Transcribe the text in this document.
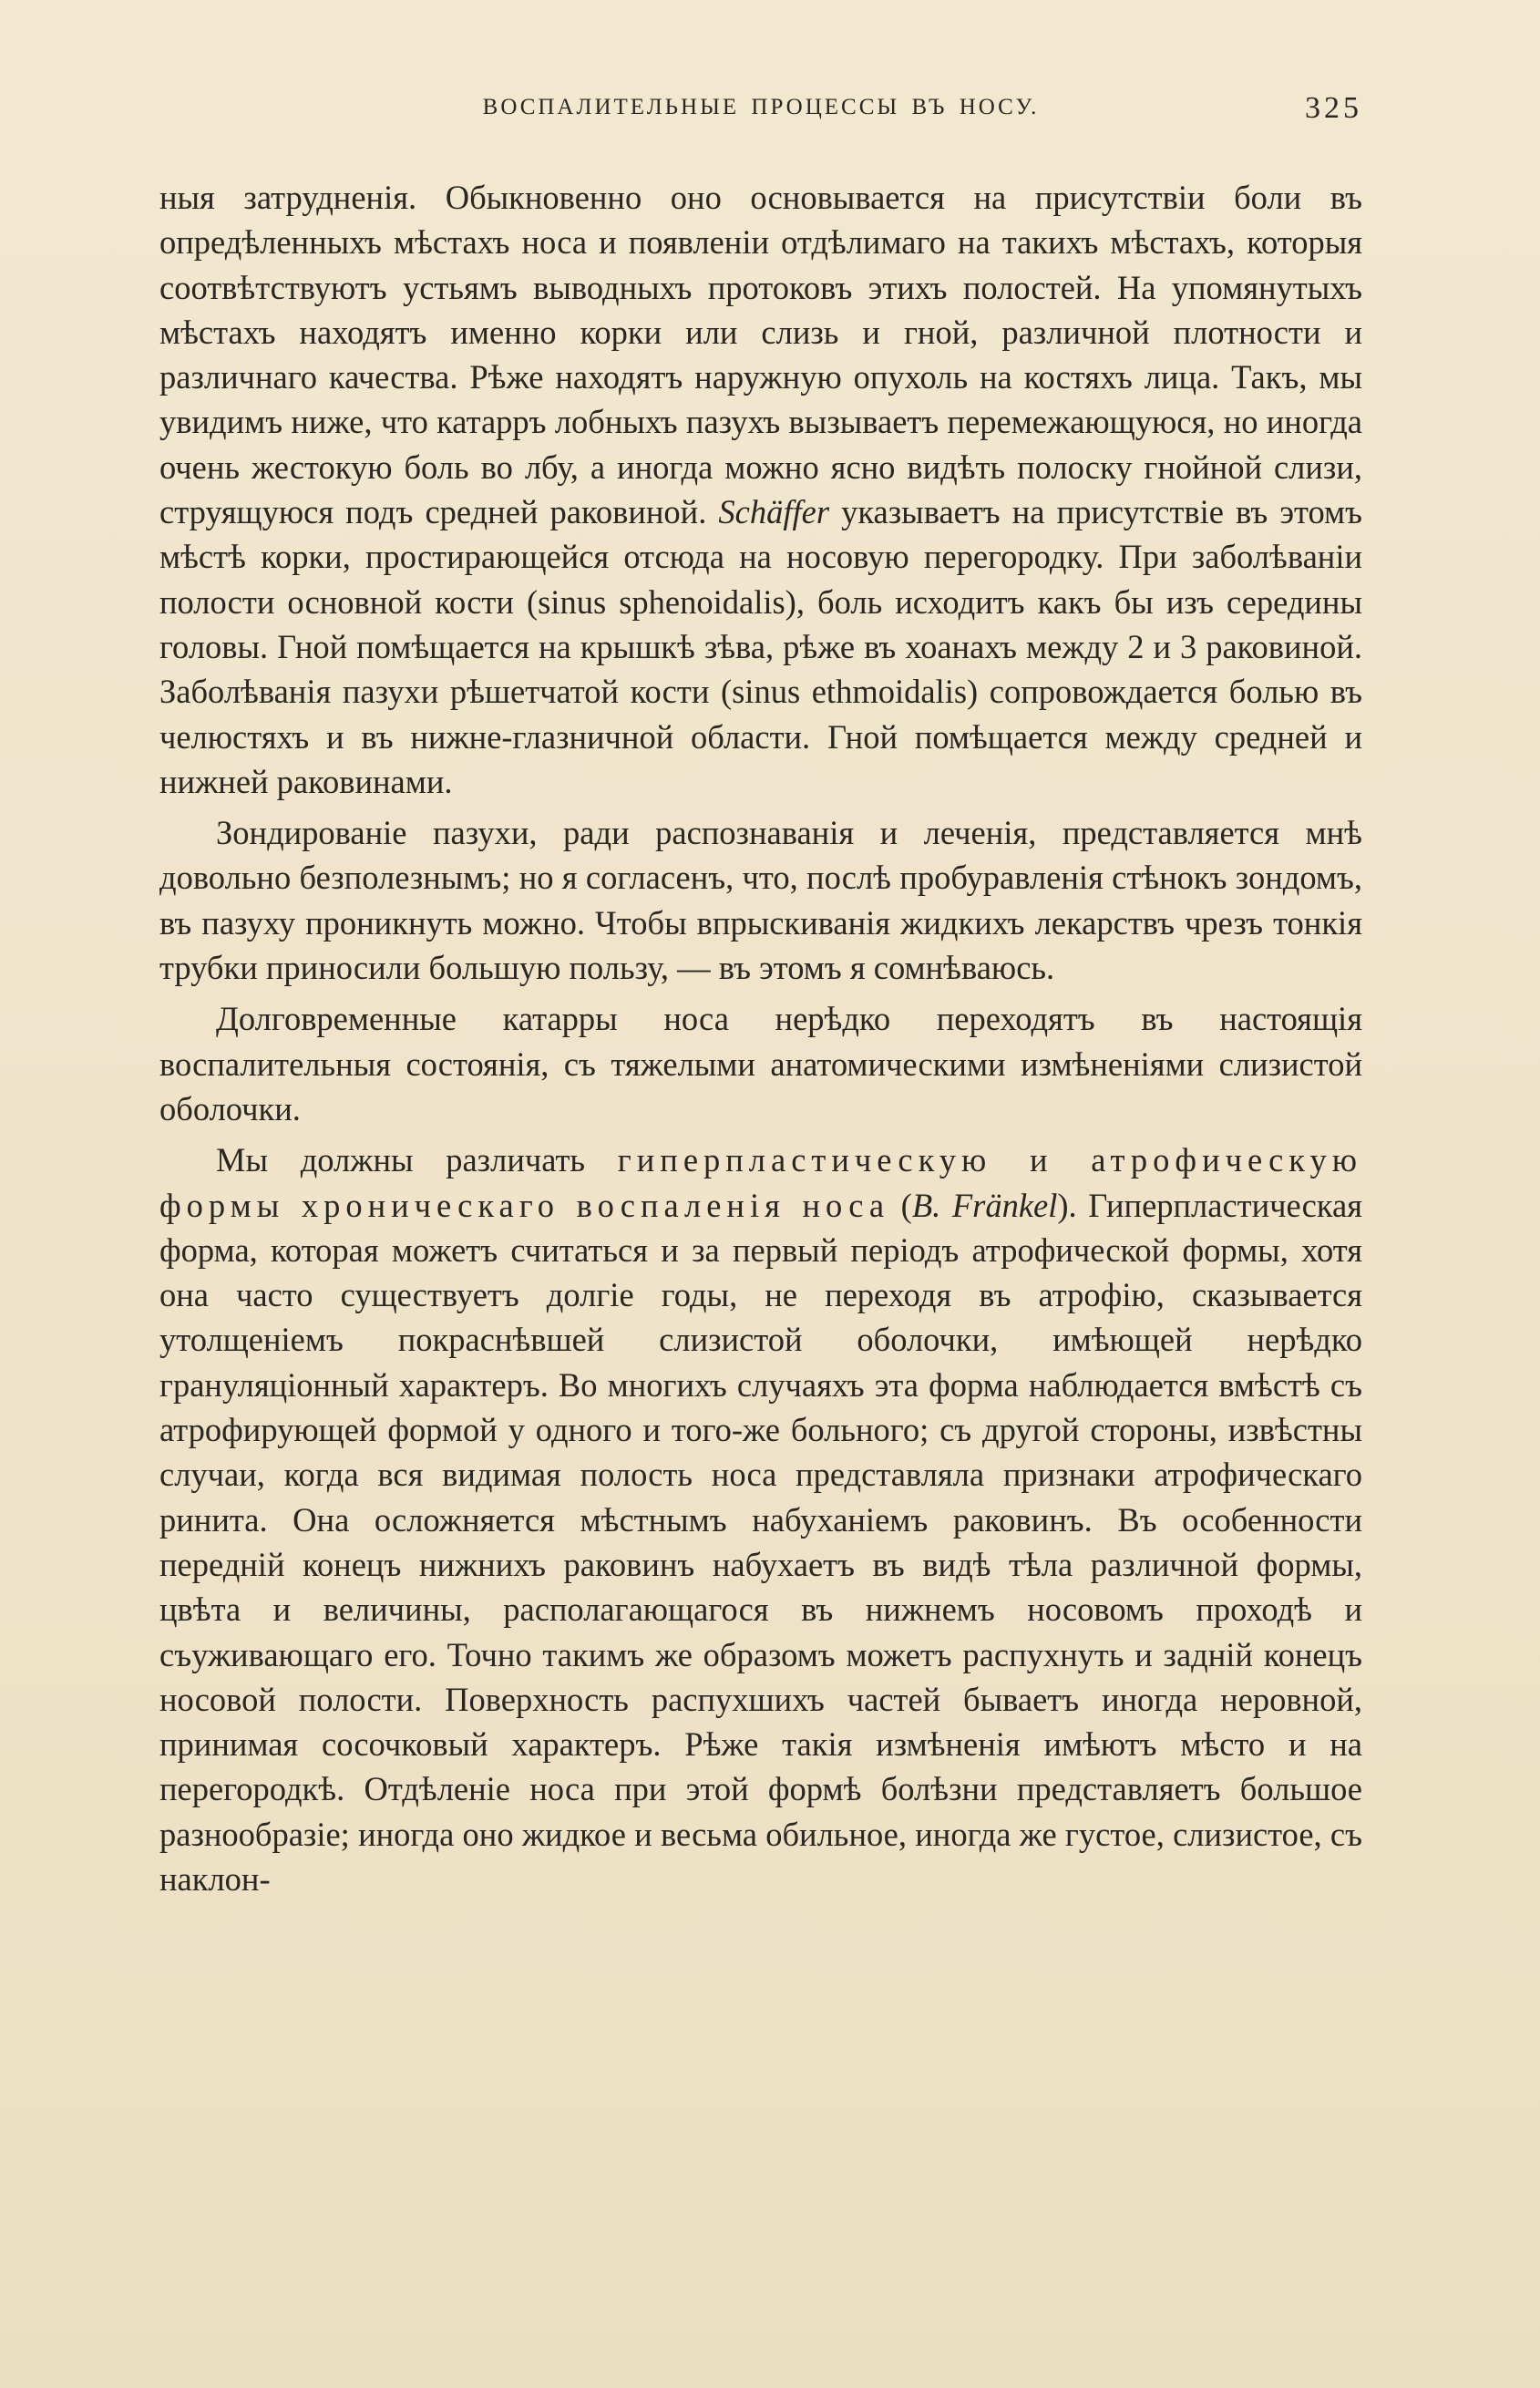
ВОСПАЛИТЕЛЬНЫЕ ПРОЦЕССЫ ВЪ НОСУ.	325

ныя затрудненія. Обыкновенно оно основывается на присутствіи боли въ опредѣленныхъ мѣстахъ носа и появленіи отдѣлимаго на такихъ мѣстахъ, которыя соотвѣтствуютъ устьямъ выводныхъ протоковъ этихъ полостей. На упомянутыхъ мѣстахъ находятъ именно корки или слизь и гной, различной плотности и различнаго качества. Рѣже находятъ наружную опухоль на костяхъ лица. Такъ, мы увидимъ ниже, что катарръ лобныхъ пазухъ вызываетъ перемежающуюся, но иногда очень жестокую боль во лбу, а иногда можно ясно видѣть полоску гнойной слизи, струящуюся подъ средней раковиной. Schäffer указываетъ на присутствіе въ этомъ мѣстѣ корки, простирающейся отсюда на носовую перегородку. При заболѣваніи полости основной кости (sinus sphenoidalis), боль исходитъ какъ бы изъ середины головы. Гной помѣщается на крышкѣ зѣва, рѣже въ хоанахъ между 2 и 3 раковиной. Заболѣванія пазухи рѣшетчатой кости (sinus ethmoidalis) сопровождается болью въ челюстяхъ и въ нижне-глазничной области. Гной помѣщается между средней и нижней раковинами.

Зондированіе пазухи, ради распознаванія и леченія, представляется мнѣ довольно безполезнымъ; но я согласенъ, что, послѣ пробуравленія стѣнокъ зондомъ, въ пазуху проникнуть можно. Чтобы впрыскиванія жидкихъ лекарствъ чрезъ тонкія трубки приносили большую пользу, — въ этомъ я сомнѣваюсь.

Долговременные катарры носа нерѣдко переходятъ въ настоящія воспалительныя состоянія, съ тяжелыми анатомическими измѣненіями слизистой оболочки.

Мы должны различать гиперпластическую и атрофическую формы хроническаго воспаленія носа (B. Fränkel). Гиперпластическая форма, которая можетъ считаться и за первый періодъ атрофической формы, хотя она часто существуетъ долгіе годы, не переходя въ атрофію, сказывается утолщеніемъ покраснѣвшей слизистой оболочки, имѣющей нерѣдко грануляціонный характеръ. Во многихъ случаяхъ эта форма наблюдается вмѣстѣ съ атрофирующей формой у одного и того-же больного; съ другой стороны, извѣстны случаи, когда вся видимая полость носа представляла признаки атрофическаго ринита. Она осложняется мѣстнымъ набуханіемъ раковинъ. Въ особенности передній конецъ нижнихъ раковинъ набухаетъ въ видѣ тѣла различной формы, цвѣта и величины, располагающагося въ нижнемъ носовомъ проходѣ и съуживающаго его. Точно такимъ же образомъ можетъ распухнуть и задній конецъ носовой полости. Поверхность распухшихъ частей бываетъ иногда неровной, принимая сосочковый характеръ. Рѣже такія измѣненія имѣютъ мѣсто и на перегородкѣ. Отдѣленіе носа при этой формѣ болѣзни представляетъ большое разнообразіе; иногда оно жидкое и весьма обильное, иногда же густое, слизистое, съ наклон-
